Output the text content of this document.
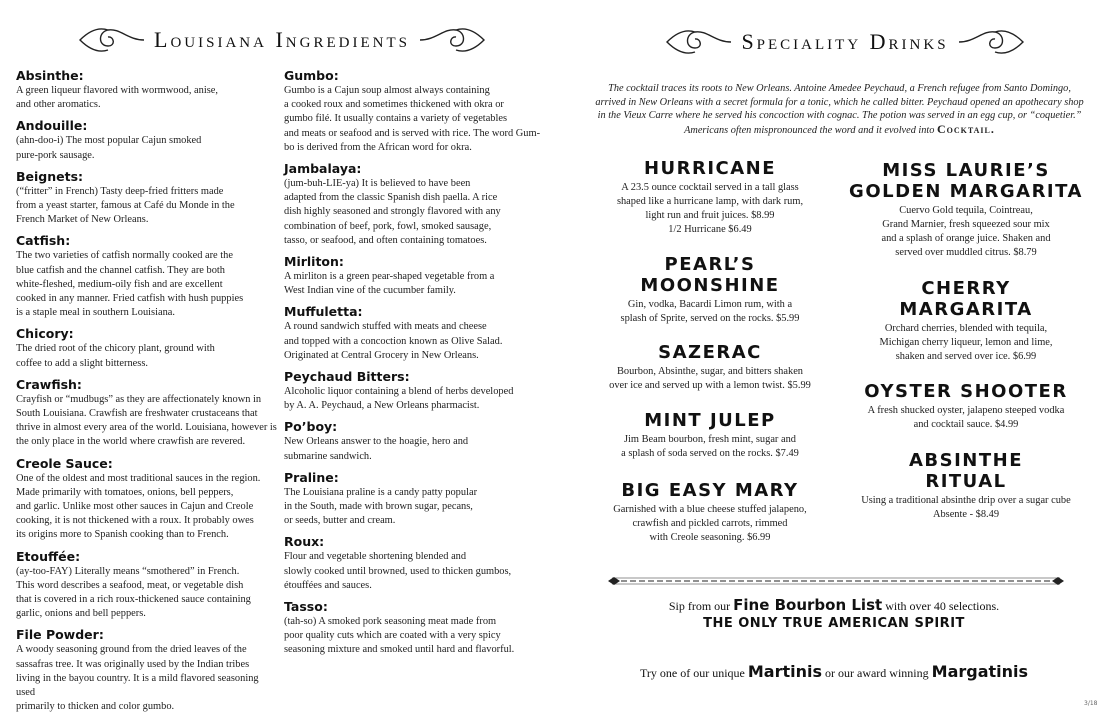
Louisiana Ingredients	Speciality Drinks
Absinthe:
A green liqueur flavored with wormwood, anise,
and other aromatics.
Andouille:
(ahn-doo-i) The most popular Cajun smoked
pure-pork sausage.
Beignets:
(“fritter” in French) Tasty deep-fried fritters made
from a yeast starter, famous at Café du Monde in the
French Market of New Orleans.
Catfish:
The two varieties of catfish normally cooked are the
blue catfish and the channel catfish. They are both
white-fleshed, medium-oily fish and are excellent
cooked in any manner. Fried catfish with hush puppies
is a staple meal in southern Louisiana.
Chicory:
The dried root of the chicory plant, ground with
coffee to add a slight bitterness.
Crawfish:
Crayfish or “mudbugs” as they are affectionately known in
South Louisiana. Crawfish are freshwater crustaceans that
thrive in almost every area of the world. Louisiana, however is
the only place in the world where crawfish are revered.
Creole Sauce:
One of the oldest and most traditional sauces in the region.
Made primarily with tomatoes, onions, bell peppers,
and garlic. Unlike most other sauces in Cajun and Creole
cooking, it is not thickened with a roux. It probably owes
its origins more to Spanish cooking than to French.
Etouffée:
(ay-too-FAY) Literally means “smothered” in French.
This word describes a seafood, meat, or vegetable dish
that is covered in a rich roux-thickened sauce containing
garlic, onions and bell peppers.
File Powder:
A woody seasoning ground from the dried leaves of the
sassafras tree. It was originally used by the Indian tribes
living in the bayou country. It is a mild flavored seasoning used
primarily to thicken and color gumbo.
Gumbo:
Gumbo is a Cajun soup almost always containing
a cooked roux and sometimes thickened with okra or
gumbo filé. It usually contains a variety of vegetables
and meats or seafood and is served with rice. The word Gum-
bo is derived from the African word for okra.
Jambalaya:
(jum-buh-LIE-ya) It is believed to have been
adapted from the classic Spanish dish paella. A rice
dish highly seasoned and strongly flavored with any
combination of beef, pork, fowl, smoked sausage,
tasso, or seafood, and often containing tomatoes.
Mirliton:
A mirliton is a green pear-shaped vegetable from a
West Indian vine of the cucumber family.
Muffuletta:
A round sandwich stuffed with meats and cheese
and topped with a concoction known as Olive Salad.
Originated at Central Grocery in New Orleans.
Peychaud Bitters:
Alcoholic liquor containing a blend of herbs developed
by A. A. Peychaud, a New Orleans pharmacist.
Po’boy:
New Orleans answer to the hoagie, hero and
submarine sandwich.
Praline:
The Louisiana praline is a candy patty popular
in the South, made with brown sugar, pecans,
or seeds, butter and cream.
Roux:
Flour and vegetable shortening blended and
slowly cooked until browned, used to thicken gumbos,
étouffées and sauces.
Tasso:
(tah-so) A smoked pork seasoning meat made from
poor quality cuts which are coated with a very spicy
seasoning mixture and smoked until hard and flavorful.
The cocktail traces its roots to New Orleans. Antoine Amedee Peychaud, a French refugee from Santo Domingo, arrived in New Orleans with a secret formula for a tonic, which he called bitter. Peychaud opened an apothecary shop in the Vieux Carre where he served his concoction with cognac. The potion was served in an egg cup, or “coquetier.” Americans often mispronounced the word and it evolved into Cocktail.
HURRICANE
A 23.5 ounce cocktail served in a tall glass
shaped like a hurricane lamp, with dark rum,
light run and fruit juices. $8.99
1/2 Hurricane $6.49
PEARL’S
MOONSHINE
Gin, vodka, Bacardi Limon rum, with a
splash of Sprite, served on the rocks. $5.99
SAZERAC
Bourbon, Absinthe, sugar, and bitters shaken
over ice and served up with a lemon twist. $5.99
MINT JULEP
Jim Beam bourbon, fresh mint, sugar and
a splash of soda served on the rocks. $7.49
BIG EASY MARY
Garnished with a blue cheese stuffed jalapeno,
crawfish and pickled carrots, rimmed
with Creole seasoning. $6.99
MISS LAURIE’S
GOLDEN MARGARITA
Cuervo Gold tequila, Cointreau,
Grand Marnier, fresh squeezed sour mix
and a splash of orange juice. Shaken and
served over muddled citrus. $8.79
CHERRY
MARGARITA
Orchard cherries, blended with tequila,
Michigan cherry liqueur, lemon and lime,
shaken and served over ice. $6.99
OYSTER SHOOTER
A fresh shucked oyster, jalapeno steeped vodka
and cocktail sauce. $4.99
ABSINTHE
RITUAL
Using a traditional absinthe drip over a sugar cube
Absente - $8.49
Sip from our Fine Bourbon List with over 40 selections.
THE ONLY TRUE AMERICAN SPIRIT
Try one of our unique Martinis or our award winning Margatinis
3/18
